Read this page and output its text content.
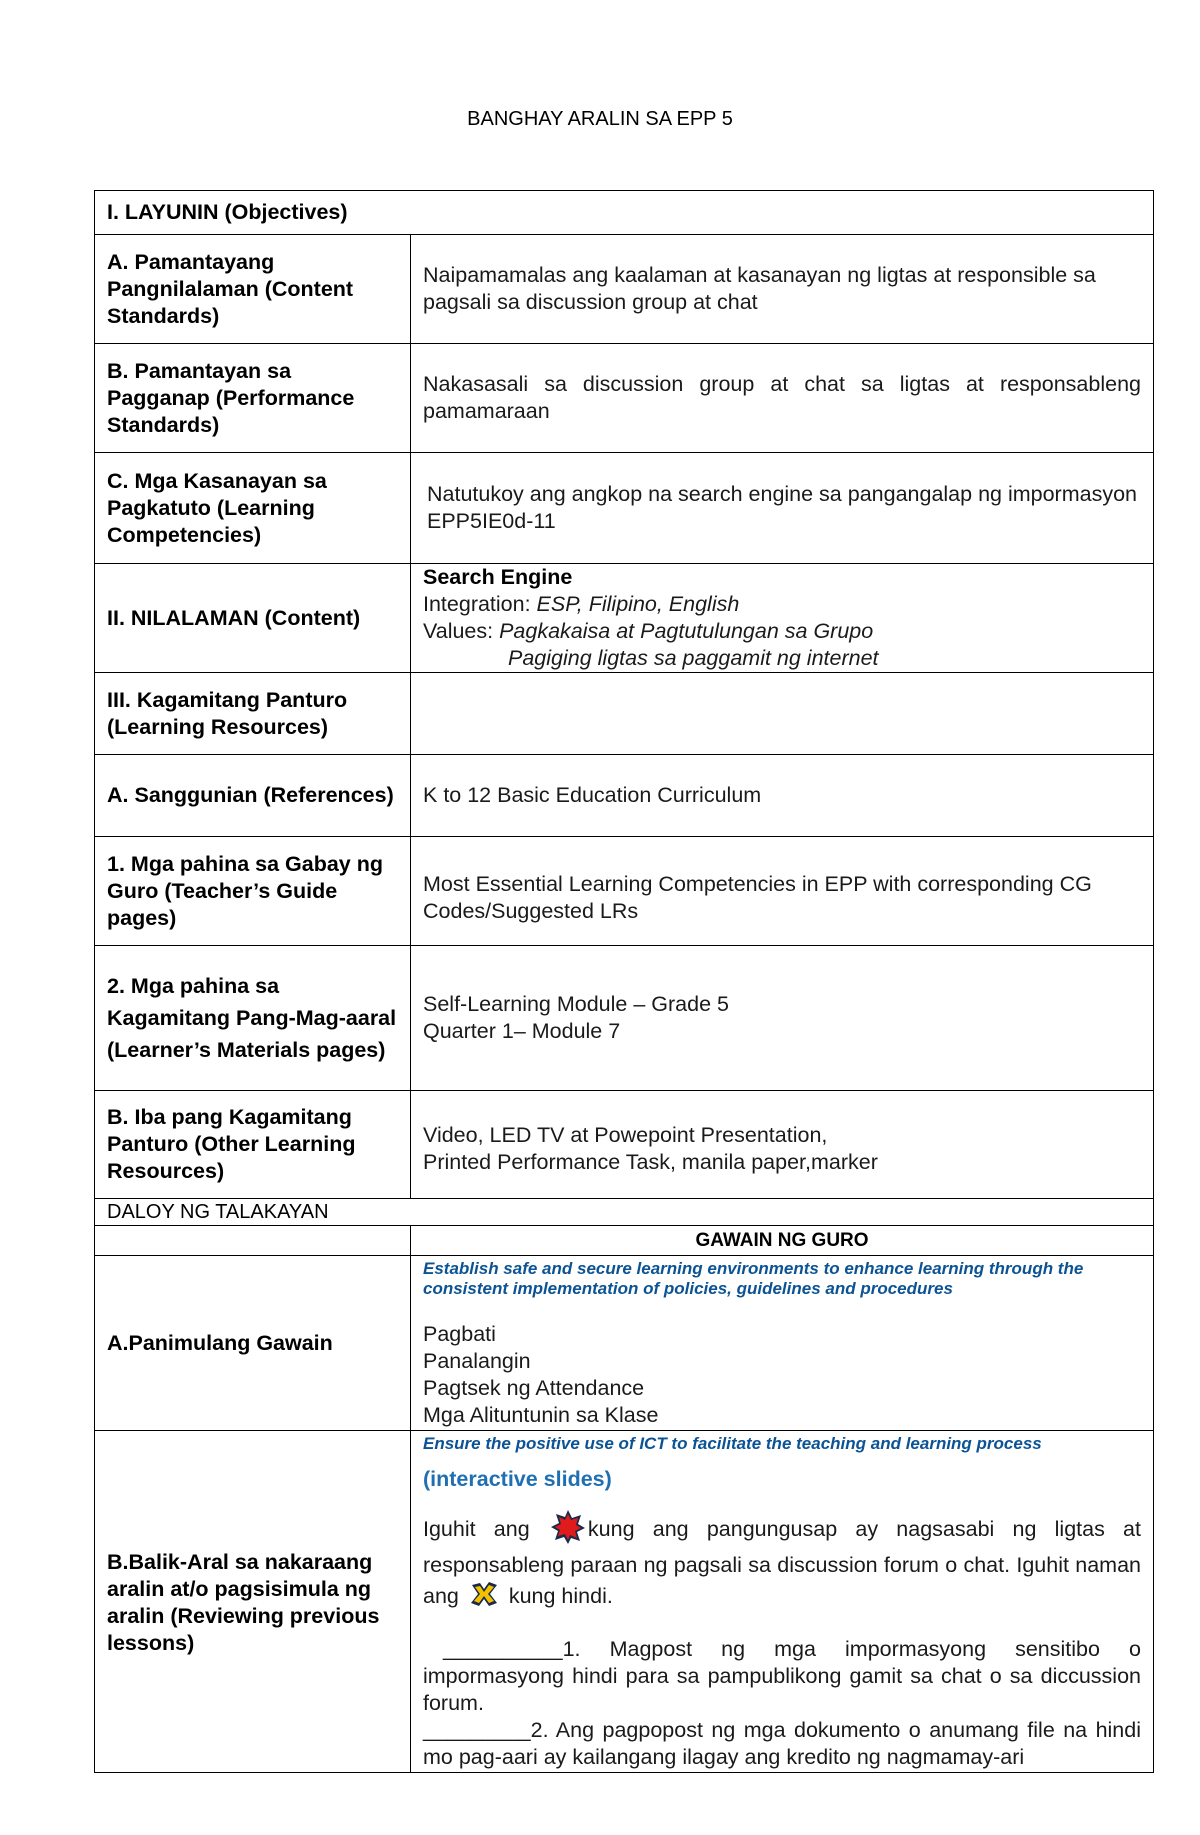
BANGHAY ARALIN SA EPP 5
I. LAYUNIN (Objectives)	
A. Pamantayang Pangnilalaman (Content Standards)	Naipamamalas ang kaalaman at kasanayan ng ligtas at responsible sa pagsali sa discussion group at chat
B. Pamantayan sa Pagganap (Performance Standards)	Nakasasali sa discussion group at chat sa ligtas at responsableng pamamaraan

C. Mga Kasanayan sa Pagkatuto (Learning Competencies)	Natutukoy ang angkop na search engine sa pangangalap ng impormasyon EPP5IE0d-11
II. NILALAMAN (Content)	Search Engine
Integration: ESP, Filipino, English
Values: Pagkakaisa at Pagtutulungan sa Grupo
Pagiging ligtas sa paggamit ng internet

III. Kagamitang Panturo (Learning Resources)	
A. Sanggunian (References)	K to 12 Basic Education Curriculum
1. Mga pahina sa Gabay ng Guro (Teacher’s Guide pages)	Most Essential Learning Competencies in EPP with corresponding CG Codes/Suggested LRs
2. Mga pahina sa Kagamitang Pang-Mag-aaral (Learner’s Materials pages)	Self-Learning Module – Grade 5
Quarter 1– Module 7
B. Iba pang Kagamitang Panturo (Other Learning Resources)	Video, LED TV at Powepoint Presentation,
Printed Performance Task, manila paper,marker
DALOY NG TALAKAYAN	
	GAWAIN NG GURO
A.Panimulang Gawain	Establish safe and secure learning environments to enhance learning through the consistent implementation of policies, guidelines and procedures
Pagbati
Panalangin
Pagtsek ng Attendance
Mga Alituntunin sa Klase
B.Balik-Aral sa nakaraang aralin at/o pagsisimula ng aralin (Reviewing previous lessons)	Ensure the positive use of ICT to facilitate the teaching and learning process
(interactive slides)
Iguhit ang kung ang pangungusap ay nagsasabi ng ligtas at responsableng paraan ng pagsali sa discussion forum o chat. Iguhit naman ang  kung hindi.
__________1. Magpost ng mga impormasyong sensitibo o impormasyong hindi para sa pampublikong gamit sa chat o sa diccussion forum.
_________2. Ang pagpopost ng mga dokumento o anumang file na hindi mo pag-aari ay kailangang ilagay ang kredito ng nagmamay-ari
